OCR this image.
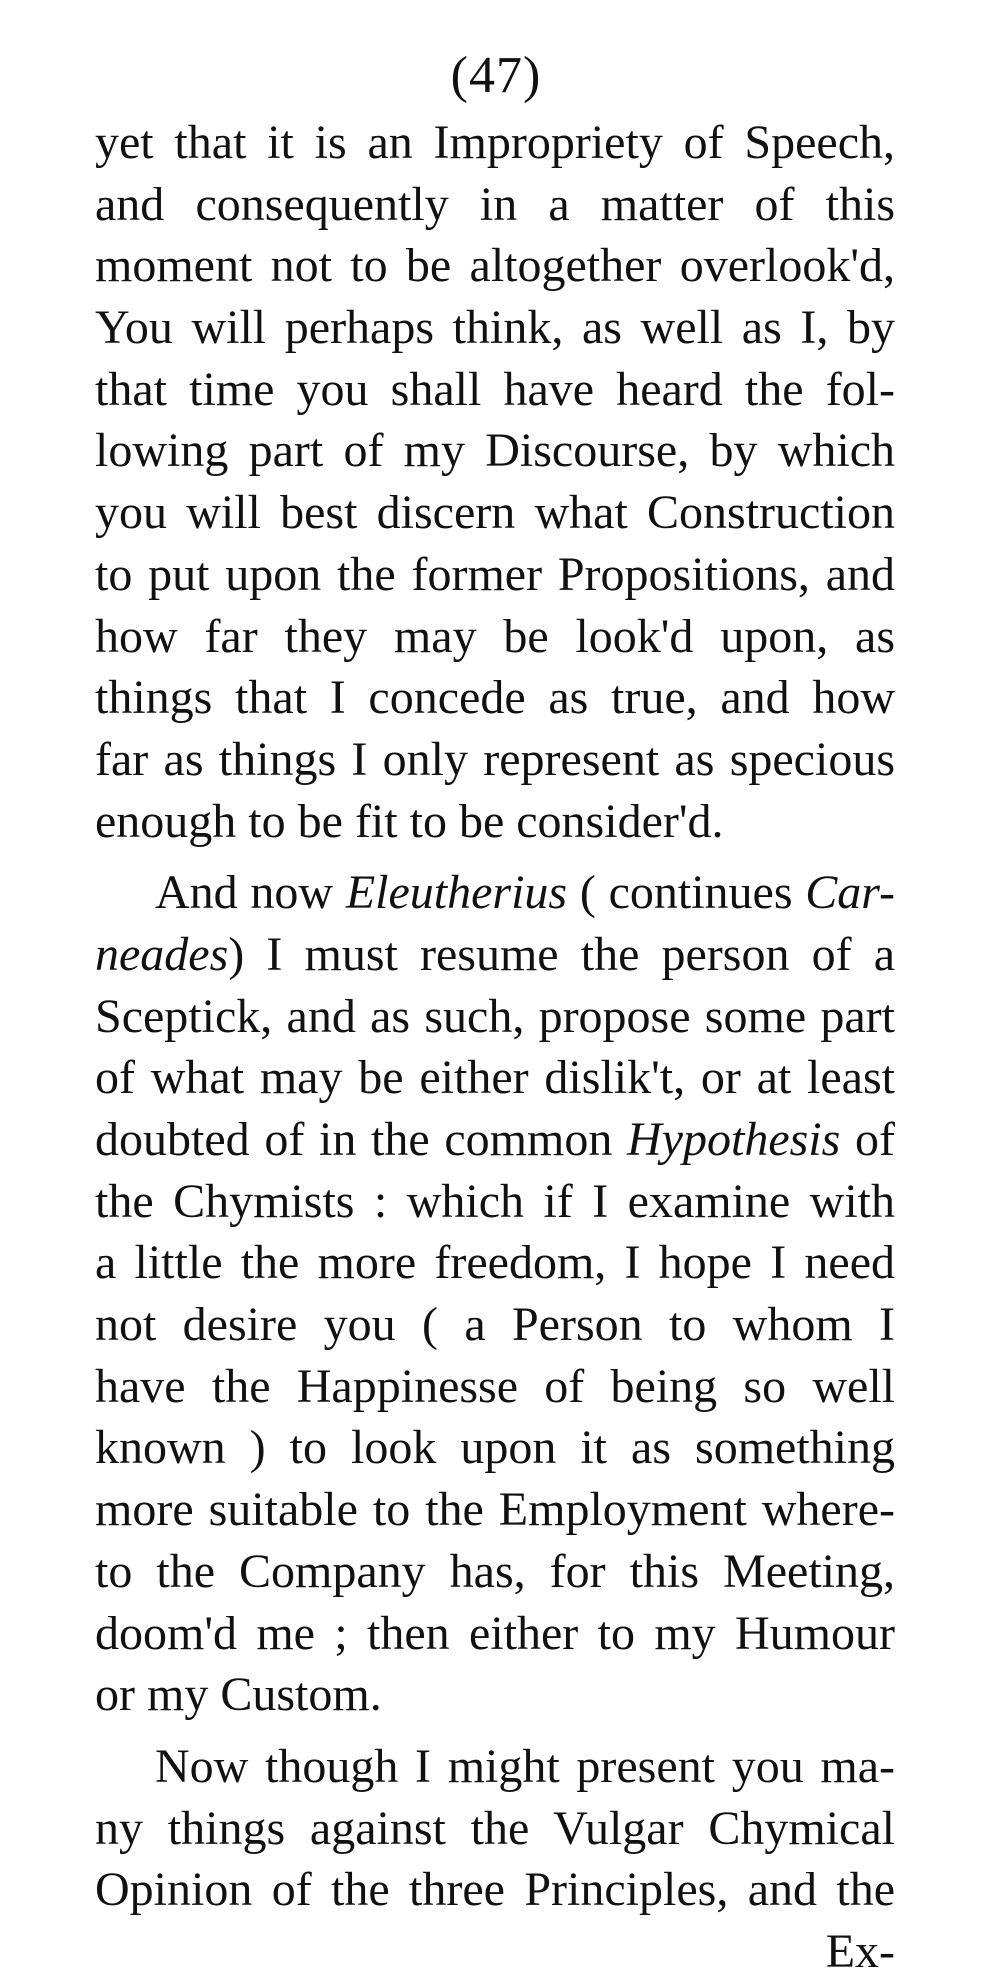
(47)
yet that it is an Impropriety of Speech,
and consequently in a matter of this
moment not to be altogether overlook'd,
You will perhaps think, as well as I, by
that time you shall have heard the fol-
lowing part of my Discourse, by which
you will best discern what Construction
to put upon the former Propositions, and
how far they may be look'd upon, as
things that I concede as true, and how
far as things I only represent as specious
enough to be fit to be consider'd.
And now Eleutherius ( continues Car-
neades) I must resume the person of a
Sceptick, and as such, propose some part
of what may be either dislik't, or at least
doubted of in the common Hypothesis of
the Chymists : which if I examine with
a little the more freedom, I hope I need
not desire you ( a Person to whom I
have the Happinesse of being so well
known ) to look upon it as something
more suitable to the Employment where-
to the Company has, for this Meeting,
doom'd me ; then either to my Humour
or my Custom.
Now though I might present you ma-
ny things against the Vulgar Chymical
Opinion of the three Principles, and the
Ex-
